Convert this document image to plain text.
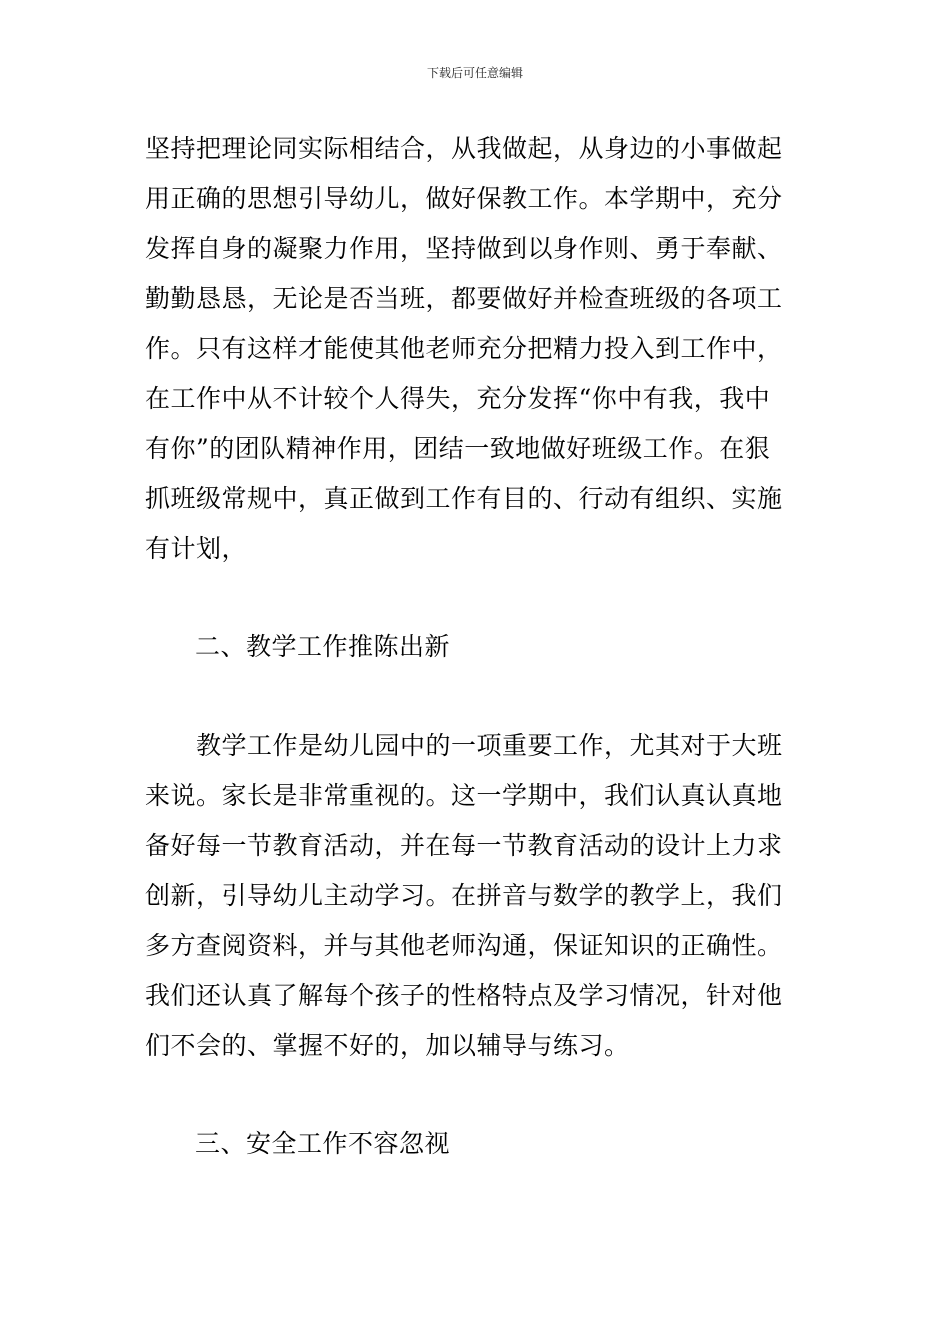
下载后可任意编辑
坚持把理论同实际相结合，从我做起，从身边的小事做起
用正确的思想引导幼儿，做好保教工作。本学期中，充分
发挥自身的凝聚力作用，坚持做到以身作则、勇于奉献、
勤勤恳恳，无论是否当班，都要做好并检查班级的各项工
作。只有这样才能使其他老师充分把精力投入到工作中，
在工作中从不计较个人得失，充分发挥“你中有我，我中
有你”的团队精神作用，团结一致地做好班级工作。在狠
抓班级常规中，真正做到工作有目的、行动有组织、实施
有计划，
二、教学工作推陈出新
　　教学工作是幼儿园中的一项重要工作，尤其对于大班
来说。家长是非常重视的。这一学期中，我们认真认真地
备好每一节教育活动，并在每一节教育活动的设计上力求
创新，引导幼儿主动学习。在拼音与数学的教学上，我们
多方查阅资料，并与其他老师沟通，保证知识的正确性。
我们还认真了解每个孩子的性格特点及学习情况，针对他
们不会的、掌握不好的，加以辅导与练习。
三、安全工作不容忽视
